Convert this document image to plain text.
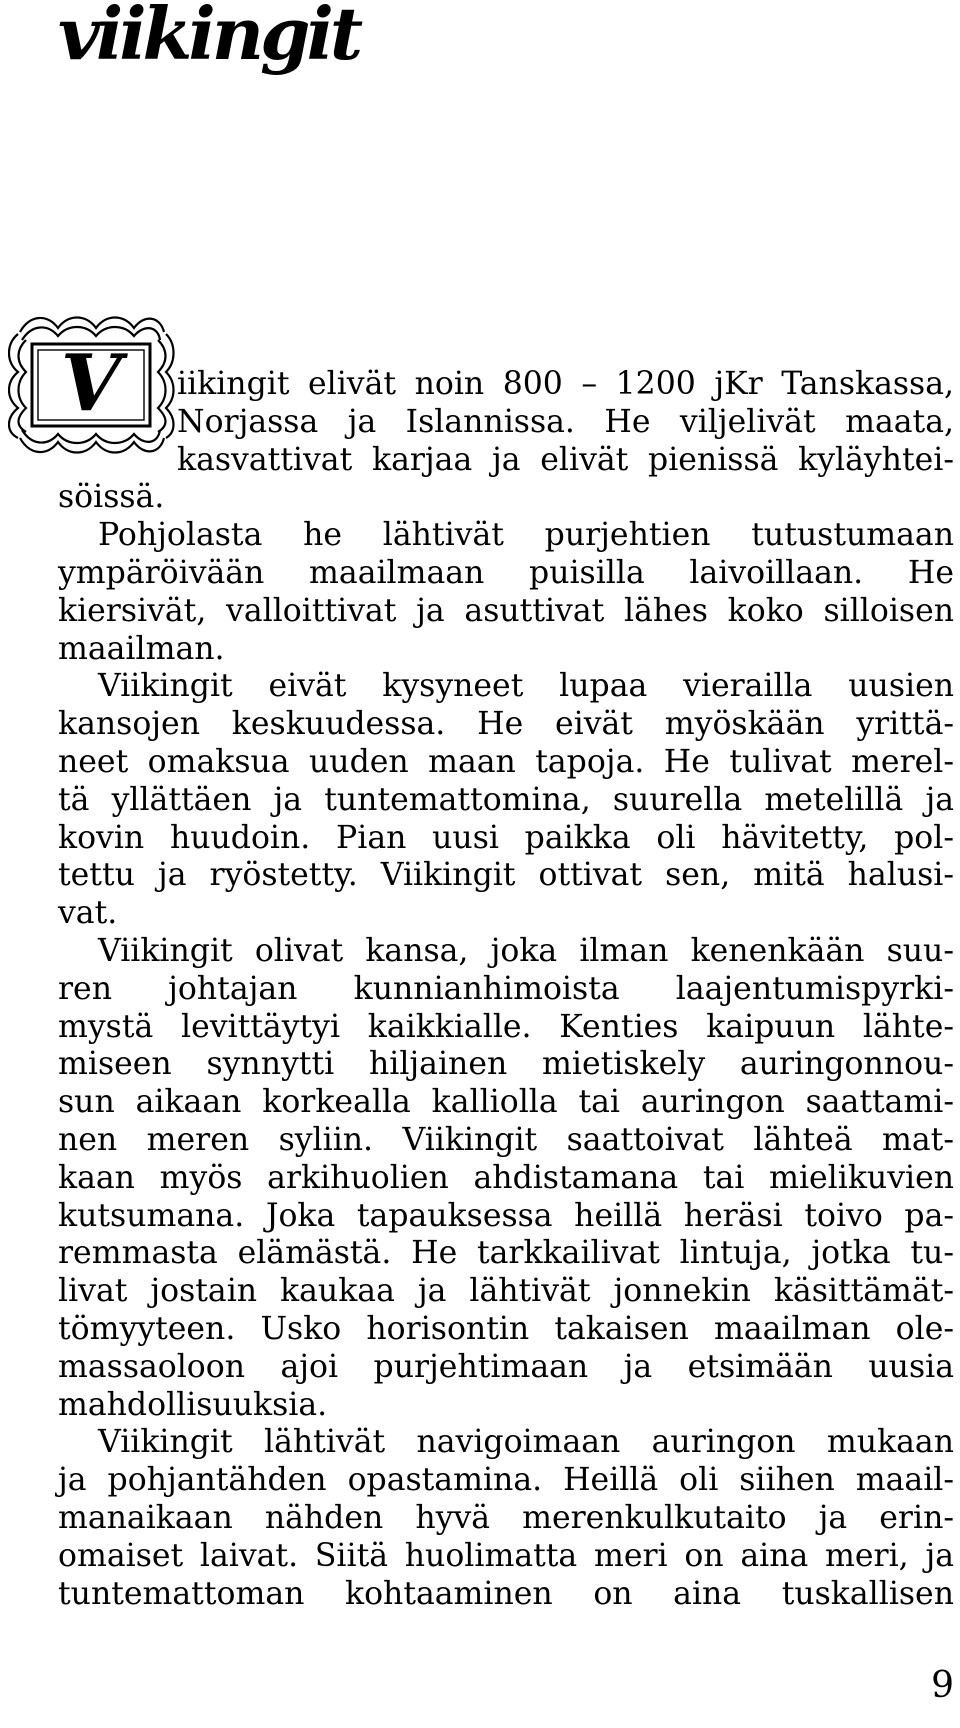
viikingit
V	iikingit elivät noin 800 – 1200 jKr Tanskassa,
Norjassa ja Islannissa. He viljelivät maata,
kasvattivat karjaa ja elivät pienissä kyläyhtei-
söissä.
Pohjolasta he lähtivät purjehtien tutustumaan
ympäröivään maailmaan puisilla laivoillaan. He
kiersivät, valloittivat ja asuttivat lähes koko silloisen
maailman.
Viikingit eivät kysyneet lupaa vierailla uusien
kansojen keskuudessa. He eivät myöskään yrittä-
neet omaksua uuden maan tapoja. He tulivat merel-
tä yllättäen ja tuntemattomina, suurella metelillä ja
kovin huudoin. Pian uusi paikka oli hävitetty, pol-
tettu ja ryöstetty. Viikingit ottivat sen, mitä halusi-
vat.
Viikingit olivat kansa, joka ilman kenenkään suu-
ren johtajan kunnianhimoista laajentumispyrki-
mystä levittäytyi kaikkialle. Kenties kaipuun lähte-
miseen synnytti hiljainen mietiskely auringonnou-
sun aikaan korkealla kalliolla tai auringon saattami-
nen meren syliin. Viikingit saattoivat lähteä mat-
kaan myös arkihuolien ahdistamana tai mielikuvien
kutsumana. Joka tapauksessa heillä heräsi toivo pa-
remmasta elämästä. He tarkkailivat lintuja, jotka tu-
livat jostain kaukaa ja lähtivät jonnekin käsittämät-
tömyyteen. Usko horisontin takaisen maailman ole-
massaoloon ajoi purjehtimaan ja etsimään uusia
mahdollisuuksia.
Viikingit lähtivät navigoimaan auringon mukaan
ja pohjantähden opastamina. Heillä oli siihen maail-
manaikaan nähden hyvä merenkulkutaito ja erin-
omaiset laivat. Siitä huolimatta meri on aina meri, ja
tuntemattoman kohtaaminen on aina tuskallisen
9
